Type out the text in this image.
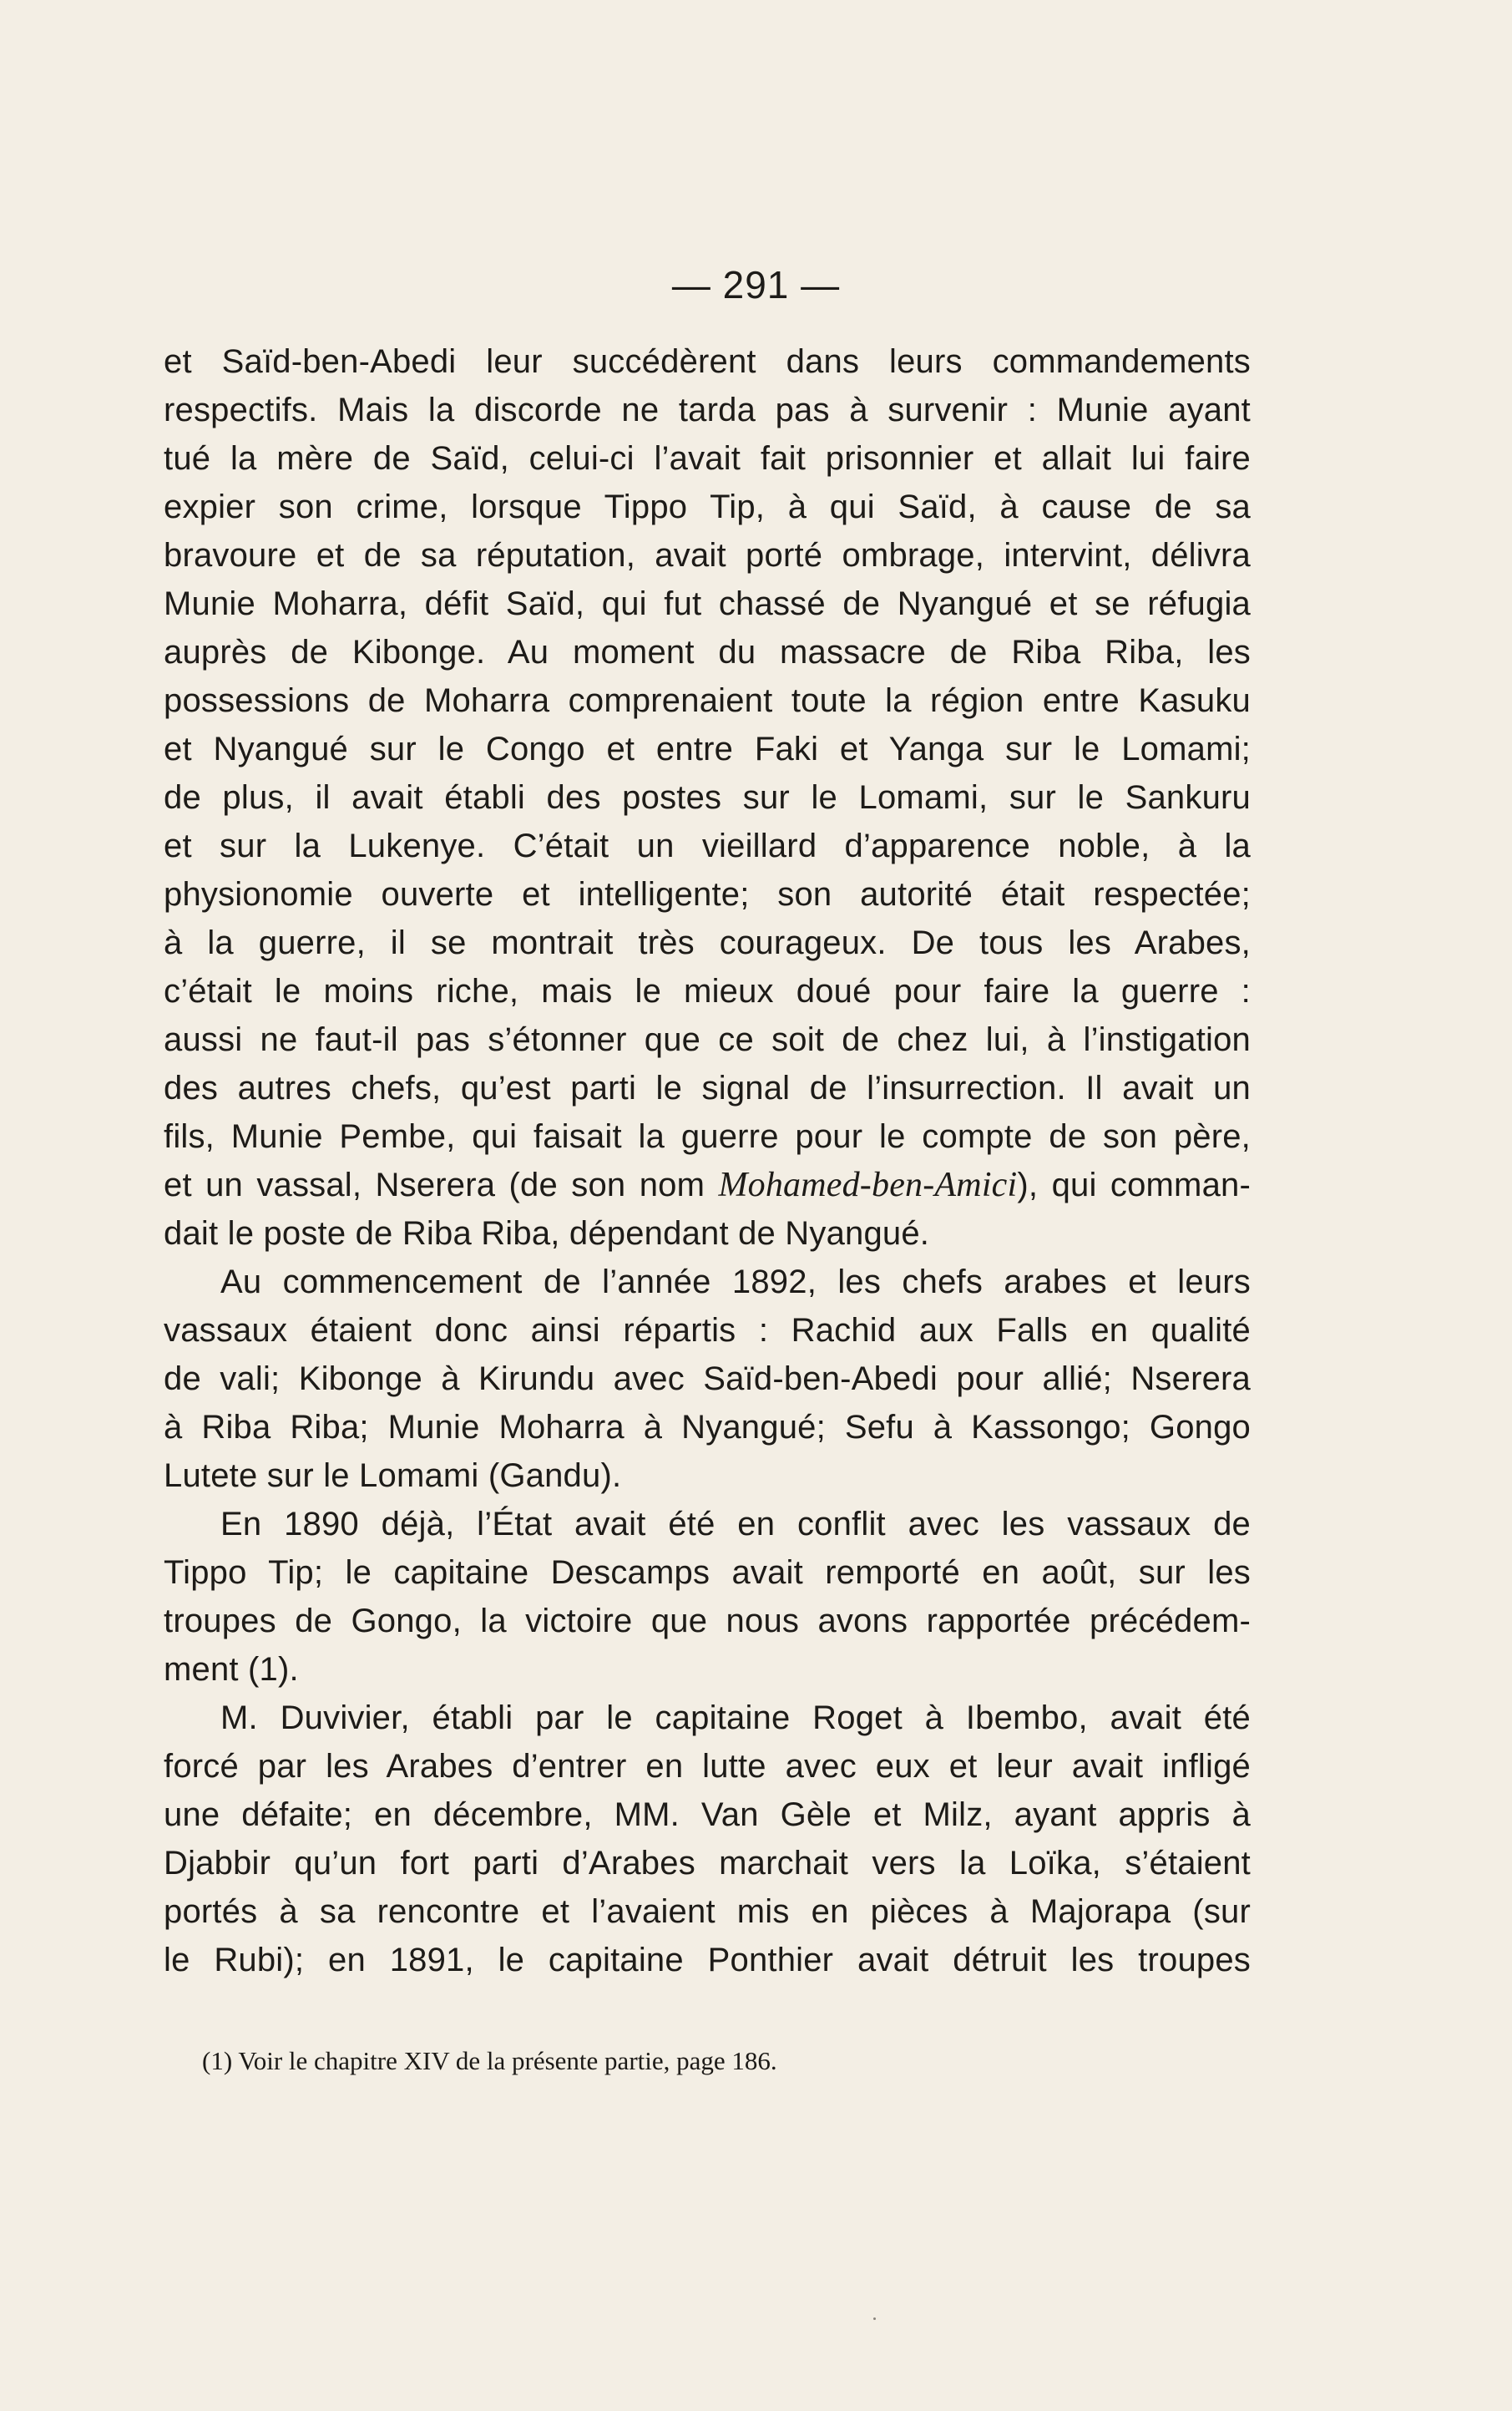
— 291 —
et Saïd-ben-Abedi leur succédèrent dans leurs commandements
respectifs. Mais la discorde ne tarda pas à survenir : Munie ayant
tué la mère de Saïd, celui-ci l’avait fait prisonnier et allait lui faire
expier son crime, lorsque Tippo Tip, à qui Saïd, à cause de sa
bravoure et de sa réputation, avait porté ombrage, intervint, délivra
Munie Moharra, défit Saïd, qui fut chassé de Nyangué et se réfugia
auprès de Kibonge. Au moment du massacre de Riba Riba, les
possessions de Moharra comprenaient toute la région entre Kasuku
et Nyangué sur le Congo et entre Faki et Yanga sur le Lomami;
de plus, il avait établi des postes sur le Lomami, sur le Sankuru
et sur la Lukenye. C’était un vieillard d’apparence noble, à la
physionomie ouverte et intelligente; son autorité était respectée;
à la guerre, il se montrait très courageux. De tous les Arabes,
c’était le moins riche, mais le mieux doué pour faire la guerre :
aussi ne faut-il pas s’étonner que ce soit de chez lui, à l’instigation
des autres chefs, qu’est parti le signal de l’insurrection. Il avait un
fils, Munie Pembe, qui faisait la guerre pour le compte de son père,
et un vassal, Nserera (de son nom Mohamed-ben-Amici), qui comman-
dait le poste de Riba Riba, dépendant de Nyangué.
Au commencement de l’année 1892, les chefs arabes et leurs
vassaux étaient donc ainsi répartis : Rachid aux Falls en qualité
de vali; Kibonge à Kirundu avec Saïd-ben-Abedi pour allié; Nserera
à Riba Riba; Munie Moharra à Nyangué; Sefu à Kassongo; Gongo
Lutete sur le Lomami (Gandu).
En 1890 déjà, l’État avait été en conflit avec les vassaux de
Tippo Tip; le capitaine Descamps avait remporté en août, sur les
troupes de Gongo, la victoire que nous avons rapportée précédem-
ment (1).
M. Duvivier, établi par le capitaine Roget à Ibembo, avait été
forcé par les Arabes d’entrer en lutte avec eux et leur avait infligé
une défaite; en décembre, MM. Van Gèle et Milz, ayant appris à
Djabbir qu’un fort parti d’Arabes marchait vers la Loïka, s’étaient
portés à sa rencontre et l’avaient mis en pièces à Majorapa (sur
le Rubi); en 1891, le capitaine Ponthier avait détruit les troupes
(1) Voir le chapitre XIV de la présente partie, page 186.
